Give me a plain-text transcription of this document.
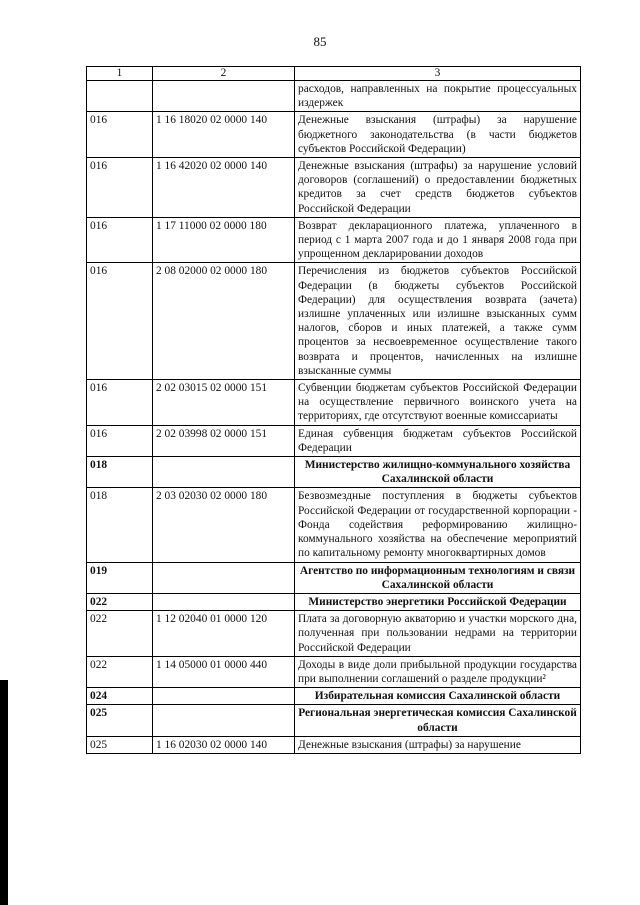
85
1	2	3
		расходов, направленных на покрытие процессуальных издержек
016	1 16 18020 02 0000 140	Денежные взыскания (штрафы) за нарушение бюджетного законодательства (в части бюджетов субъектов Российской Федерации)
016	1 16 42020 02 0000 140	Денежные взыскания (штрафы) за нарушение условий договоров (соглашений) о предоставлении бюджетных кредитов за счет средств бюджетов субъектов Российской Федерации
016	1 17 11000 02 0000 180	Возврат декларационного платежа, уплаченного в период с 1 марта 2007 года и до 1 января 2008 года при упрощенном декларировании доходов
016	2 08 02000 02 0000 180	Перечисления из бюджетов субъектов Российской Федерации (в бюджеты субъектов Российской Федерации) для осуществления возврата (зачета) излишне уплаченных или излишне взысканных сумм налогов, сборов и иных платежей, а также сумм процентов за несвоевременное осуществление такого возврата и процентов, начисленных на излишне взысканные суммы
016	2 02 03015 02 0000 151	Субвенции бюджетам субъектов Российской Федерации на осуществление первичного воинского учета на территориях, где отсутствуют военные комиссариаты
016	2 02 03998 02 0000 151	Единая субвенция бюджетам субъектов Российской Федерации
018		Министерство жилищно-коммунального хозяйства Сахалинской области
018	2 03 02030 02 0000 180	Безвозмездные поступления в бюджеты субъектов Российской Федерации от государственной корпорации - Фонда содействия реформированию жилищно-коммунального хозяйства на обеспечение мероприятий по капитальному ремонту многоквартирных домов
019		Агентство по информационным технологиям и связи Сахалинской области
022		Министерство энергетики Российской Федерации
022	1 12 02040 01 0000 120	Плата за договорную акваторию и участки морского дна, полученная при пользовании недрами на территории Российской Федерации
022	1 14 05000 01 0000 440	Доходы в виде доли прибыльной продукции государства при выполнении соглашений о разделе продукции²
024		Избирательная комиссия Сахалинской области
025		Региональная энергетическая комиссия Сахалинской области
025	1 16 02030 02 0000 140	Денежные взыскания (штрафы) за нарушение
